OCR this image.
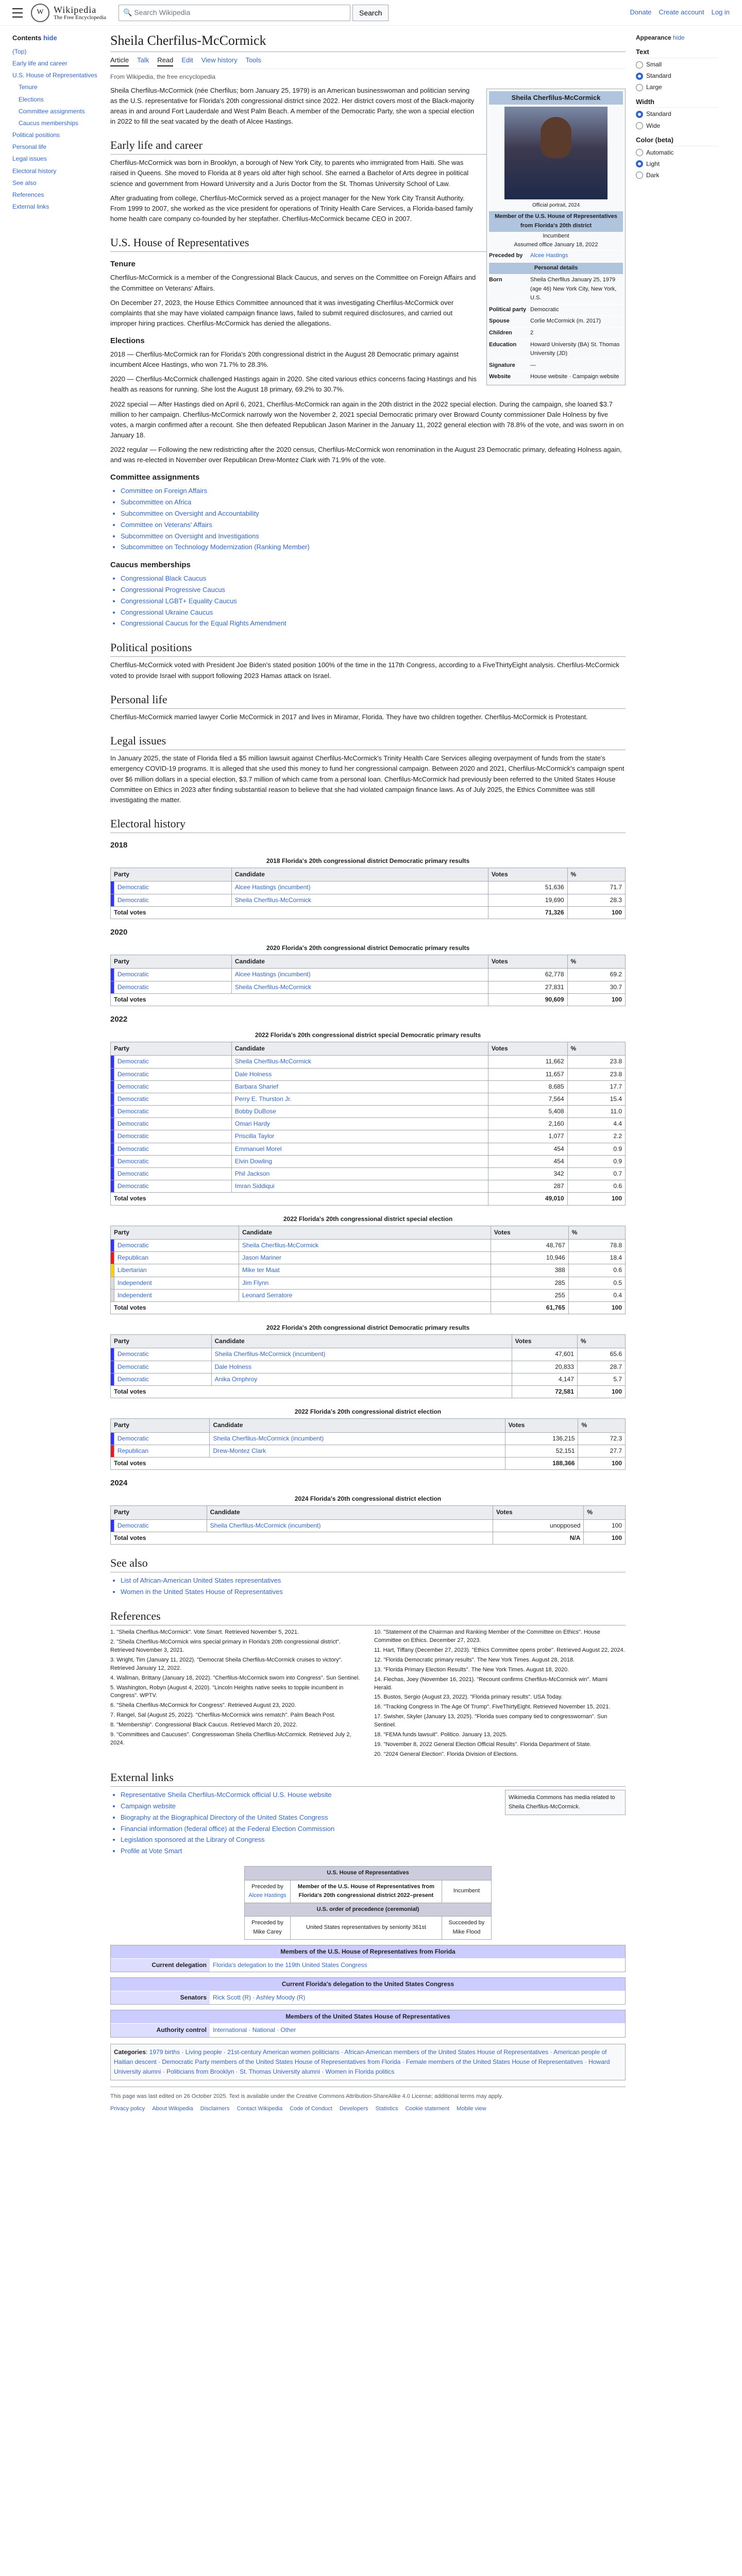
W	Wikipedia
The Free Encyclopedia
🔍 Search Wikipedia	Search	Donate Create account Log in
Contents hide
(Top)
Early life and career
U.S. House of Representatives
Tenure
Elections
Committee assignments
Caucus memberships
Political positions
Personal life
Legal issues
Electoral history
See also
References
External links
Sheila Cherfilus-McCormick
Article Talk Read Edit View history Tools
From Wikipedia, the free encyclopedia
Sheila Cherfilus-McCormick
Official portrait, 2024
Member of the U.S. House of Representatives from Florida's 20th district
Incumbent
Assumed office January 18, 2022
Preceded by	Alcee Hastings
Personal details
Born	Sheila Cherfilus January 25, 1979 (age 46) New York City, New York, U.S.
Political party Democratic
Spouse	Corlie McCormick (m. 2017)
Children	2
Education	Howard University (BA) St. Thomas University (JD)
Signature	—
Website	House website · Campaign website

Sheila Cherfilus-McCormick (née Cherfilus; born January 25, 1979) is an American businesswoman and politician serving as the U.S. representative for Florida's 20th congressional district since 2022. Her district covers most of the Black-majority areas in and around Fort Lauderdale and West Palm Beach. A member of the Democratic Party, she won a special election in 2022 to fill the seat vacated by the death of Alcee Hastings.

Early life and career

Cherfilus-McCormick was born in Brooklyn, a borough of New York City, to parents who immigrated from Haiti. She was raised in Queens. She moved to Florida at 8 years old after high school. She earned a Bachelor of Arts degree in political science and government from Howard University and a Juris Doctor from the St. Thomas University School of Law.

After graduating from college, Cherfilus-McCormick served as a project manager for the New York City Transit Authority. From 1999 to 2007, she worked as the vice president for operations of Trinity Health Care Services, a Florida-based family home health care company co-founded by her stepfather. Cherfilus-McCormick became CEO in 2007.

U.S. House of Representatives
Tenure

Cherfilus-McCormick is a member of the Congressional Black Caucus, and serves on the Committee on Foreign Affairs and the Committee on Veterans' Affairs.

On December 27, 2023, the House Ethics Committee announced that it was investigating Cherfilus-McCormick over complaints that she may have violated campaign finance laws, failed to submit required disclosures, and carried out improper hiring practices. Cherfilus-McCormick has denied the allegations.

Elections

2018 — Cherfilus-McCormick ran for Florida's 20th congressional district in the August 28 Democratic primary against incumbent Alcee Hastings, who won 71.7% to 28.3%.

2020 — Cherfilus-McCormick challenged Hastings again in 2020. She cited various ethics concerns facing Hastings and his health as reasons for running. She lost the August 18 primary, 69.2% to 30.7%.

2022 special — After Hastings died on April 6, 2021, Cherfilus-McCormick ran again in the 20th district in the 2022 special election. During the campaign, she loaned $3.7 million to her campaign. Cherfilus-McCormick narrowly won the November 2, 2021 special Democratic primary over Broward County commissioner Dale Holness by five votes, a margin confirmed after a recount. She then defeated Republican Jason Mariner in the January 11, 2022 general election with 78.8% of the vote, and was sworn in on January 18.

2022 regular — Following the new redistricting after the 2020 census, Cherfilus-McCormick won renomination in the August 23 Democratic primary, defeating Holness again, and was re-elected in November over Republican Drew-Montez Clark with 71.9% of the vote.

Committee assignments
• Committee on Foreign Affairs
• Subcommittee on Africa
• Subcommittee on Oversight and Accountability
• Committee on Veterans' Affairs
• Subcommittee on Oversight and Investigations
• Subcommittee on Technology Modernization (Ranking Member)
Caucus memberships
• Congressional Black Caucus
• Congressional Progressive Caucus
• Congressional LGBT+ Equality Caucus
• Congressional Ukraine Caucus
• Congressional Caucus for the Equal Rights Amendment
Political positions

Cherfilus-McCormick voted with President Joe Biden's stated position 100% of the time in the 117th Congress, according to a FiveThirtyEight analysis. Cherfilus-McCormick voted to provide Israel with support following 2023 Hamas attack on Israel.

Personal life

Cherfilus-McCormick married lawyer Corlie McCormick in 2017 and lives in Miramar, Florida. They have two children together. Cherfilus-McCormick is Protestant.

Legal issues

In January 2025, the state of Florida filed a $5 million lawsuit against Cherfilus-McCormick's Trinity Health Care Services alleging overpayment of funds from the state's emergency COVID-19 programs. It is alleged that she used this money to fund her congressional campaign. Between 2020 and 2021, Cherfilus-McCormick's campaign spent over $6 million dollars in a special election, $3.7 million of which came from a personal loan. Cherfilus-McCormick had previously been referred to the United States House Committee on Ethics in 2023 after finding substantial reason to believe that she had violated campaign finance laws. As of July 2025, the Ethics Committee was still investigating the matter.

Electoral history
2018
2018 Florida's 20th congressional district Democratic primary results
Party		Candidate	Votes	%
	Democratic	Alcee Hastings (incumbent)	51,636	71.7
	Democratic	Sheila Cherfilus-McCormick	19,690	28.3
Total votes			71,326	100
2020
2020 Florida's 20th congressional district Democratic primary results
Party		Candidate	Votes	%
	Democratic	Alcee Hastings (incumbent)	62,778	69.2
	Democratic	Sheila Cherfilus-McCormick	27,831	30.7
Total votes			90,609	100
2022
2022 Florida's 20th congressional district special Democratic primary results
Party		Candidate	Votes	%
	Democratic	Sheila Cherfilus-McCormick	11,662	23.8
	Democratic	Dale Holness	11,657	23.8
	Democratic	Barbara Sharief	8,685	17.7
	Democratic	Perry E. Thurston Jr.	7,564	15.4
	Democratic	Bobby DuBose	5,408	11.0
	Democratic	Omari Hardy	2,160	4.4
	Democratic	Priscilla Taylor	1,077	2.2
	Democratic	Emmanuel Morel	454	0.9
	Democratic	Elvin Dowling	454	0.9
	Democratic	Phil Jackson	342	0.7
	Democratic	Imran Siddiqui	287	0.6
Total votes			49,010	100
2022 Florida's 20th congressional district special election
Party		Candidate	Votes	%
	Democratic	Sheila Cherfilus-McCormick	48,767	78.8
	Republican	Jason Mariner	10,946	18.4
	Libertarian	Mike ter Maat	388	0.6
	Independent	Jim Flynn	285	0.5
	Independent	Leonard Serratore	255	0.4
Total votes			61,765	100
2022 Florida's 20th congressional district Democratic primary results
Party		Candidate	Votes	%
	Democratic	Sheila Cherfilus-McCormick (incumbent)	47,601	65.6
	Democratic	Dale Holness	20,833	28.7
	Democratic	Anika Omphroy	4,147	5.7
Total votes			72,581	100
2022 Florida's 20th congressional district election
Party		Candidate	Votes	%
	Democratic	Sheila Cherfilus-McCormick (incumbent)	136,215	72.3
	Republican	Drew-Montez Clark	52,151	27.7
Total votes			188,366	100
2024
2024 Florida's 20th congressional district election
Party		Candidate	Votes	%
	Democratic	Sheila Cherfilus-McCormick (incumbent)	unopposed	100
Total votes			N/A	100
See also
• List of African-American United States representatives
• Women in the United States House of Representatives
References
1. "Sheila Cherfilus-McCormick". Vote Smart. Retrieved November 5, 2021.
2. "Sheila Cherfilus-McCormick wins special primary in Florida's 20th congressional district". Retrieved November 3, 2021.
3. Wright, Tim (January 11, 2022). "Democrat Sheila Cherfilus-McCormick cruises to victory". Retrieved January 12, 2022.
4. Wallman, Brittany (January 18, 2022). "Cherfilus-McCormick sworn into Congress". Sun Sentinel.
5. Washington, Robyn (August 4, 2020). "Lincoln Heights native seeks to topple incumbent in Congress". WPTV.
6. "Sheila Cherfilus-McCormick for Congress". Retrieved August 23, 2020.
7. Rangel, Sal (August 25, 2022). "Cherfilus-McCormick wins rematch". Palm Beach Post.
8. "Membership". Congressional Black Caucus. Retrieved March 20, 2022.
9. "Committees and Caucuses". Congresswoman Sheila Cherfilus-McCormick. Retrieved July 2, 2024.
10. "Statement of the Chairman and Ranking Member of the Committee on Ethics". House Committee on Ethics. December 27, 2023.
11. Hart, Tiffany (December 27, 2023). "Ethics Committee opens probe". Retrieved August 22, 2024.
12. "Florida Democratic primary results". The New York Times. August 28, 2018.
13. "Florida Primary Election Results". The New York Times. August 18, 2020.
14. Flechas, Joey (November 16, 2021). "Recount confirms Cherfilus-McCormick win". Miami Herald.
15. Bustos, Sergio (August 23, 2022). "Florida primary results". USA Today.
16. "Tracking Congress In The Age Of Trump". FiveThirtyEight. Retrieved November 15, 2021.
17. Swisher, Skyler (January 13, 2025). "Florida sues company tied to congresswoman". Sun Sentinel.
18. "FEMA funds lawsuit". Politico. January 13, 2025.
19. "November 8, 2022 General Election Official Results". Florida Department of State.
20. "2024 General Election". Florida Division of Elections.
External links
Wikimedia Commons has media related to Sheila Cherfilus-McCormick.
• Representative Sheila Cherfilus-McCormick official U.S. House website
• Campaign website
• Biography at the Biographical Directory of the United States Congress
• Financial information (federal office) at the Federal Election Commission
• Legislation sponsored at the Library of Congress
• Profile at Vote Smart
U.S. House of Representatives		
Preceded by
Alcee Hastings	Member of the U.S. House of Representatives from Florida's 20th congressional district 2022–present	Incumbent
U.S. order of precedence (ceremonial)		
Preceded by Mike Carey	United States representatives by seniority 361st	Succeeded by Mike Flood
Members of the U.S. House of Representatives from Florida
Current delegation	Florida's delegation to the 119th United States Congress
Current Florida's delegation to the United States Congress
Senators	Rick Scott (R) · Ashley Moody (R)
Members of the United States House of Representatives
Authority control	International · National · Other
Categories: 1979 births · Living people · 21st-century American women politicians · African-American members of the United States House of Representatives · American people of Haitian descent · Democratic Party members of the United States House of Representatives from Florida · Female members of the United States House of Representatives · Howard University alumni · Politicians from Brooklyn · St. Thomas University alumni · Women in Florida politics
This page was last edited on 26 October 2025. Text is available under the Creative Commons Attribution-ShareAlike 4.0 License; additional terms may apply.
Privacy policy About Wikipedia Disclaimers Contact Wikipedia Code of Conduct Developers Statistics Cookie statement Mobile view
Appearance hide
Text
Small
Standard
Large
Width
Standard
Wide
Color (beta)
Automatic
Light
Dark
